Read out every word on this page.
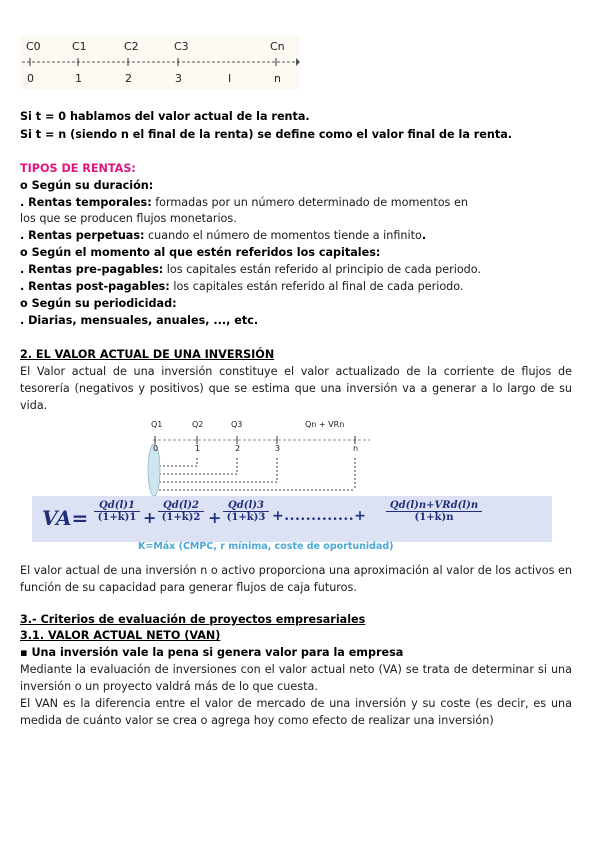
C0	C1	C2	C3	Cn
0	1	2	3	I	n
Si t = 0 hablamos del valor actual de la renta.
Si t = n (siendo n el final de la renta) se define como el valor final de la renta.
TIPOS DE RENTAS:
o Según su duración:
. Rentas temporales: formadas por un número determinado de momentos en
los que se producen flujos monetarios.
. Rentas perpetuas: cuando el número de momentos tiende a infinito.
o Según el momento al que estén referidos los capitales:
. Rentas pre-pagables: los capitales están referido al principio de cada periodo.
. Rentas post-pagables: los capitales están referido al final de cada periodo.
o Según su periodicidad:
. Diarias, mensuales, anuales, ..., etc.
2. EL VALOR ACTUAL DE UNA INVERSIÓN
El Valor actual de una inversión constituye el valor actualizado de la corriente de flujos de tesorería (negativos y positivos) que se estima que una inversión va a generar a lo largo de su vida.
Q1	Q2	Q3	Qn + VRn
0	1	2	3	n
$VA= \frac{Qd(l)1}{(1+k)1} + \frac{Qd(l)2}{(1+k)2} + \frac{Qd(l)3}{(1+k)3}$ +.............+
Qd(l)n+VRd(l)n
(1+k)n
K=Máx (CMPC, r mínima, coste de oportunidad)
El valor actual de una inversión n o activo proporciona una aproximación al valor de los activos en función de su capacidad para generar flujos de caja futuros.
3.- Criterios de evaluación de proyectos empresariales
3.1. VALOR ACTUAL NETO (VAN)
▪ Una inversión vale la pena si genera valor para la empresa
Mediante la evaluación de inversiones con el valor actual neto (VA) se trata de determinar si una inversión o un proyecto valdrá más de lo que cuesta.
El VAN es la diferencia entre el valor de mercado de una inversión y su coste (es decir, es una medida de cuánto valor se crea o agrega hoy como efecto de realizar una inversión)
